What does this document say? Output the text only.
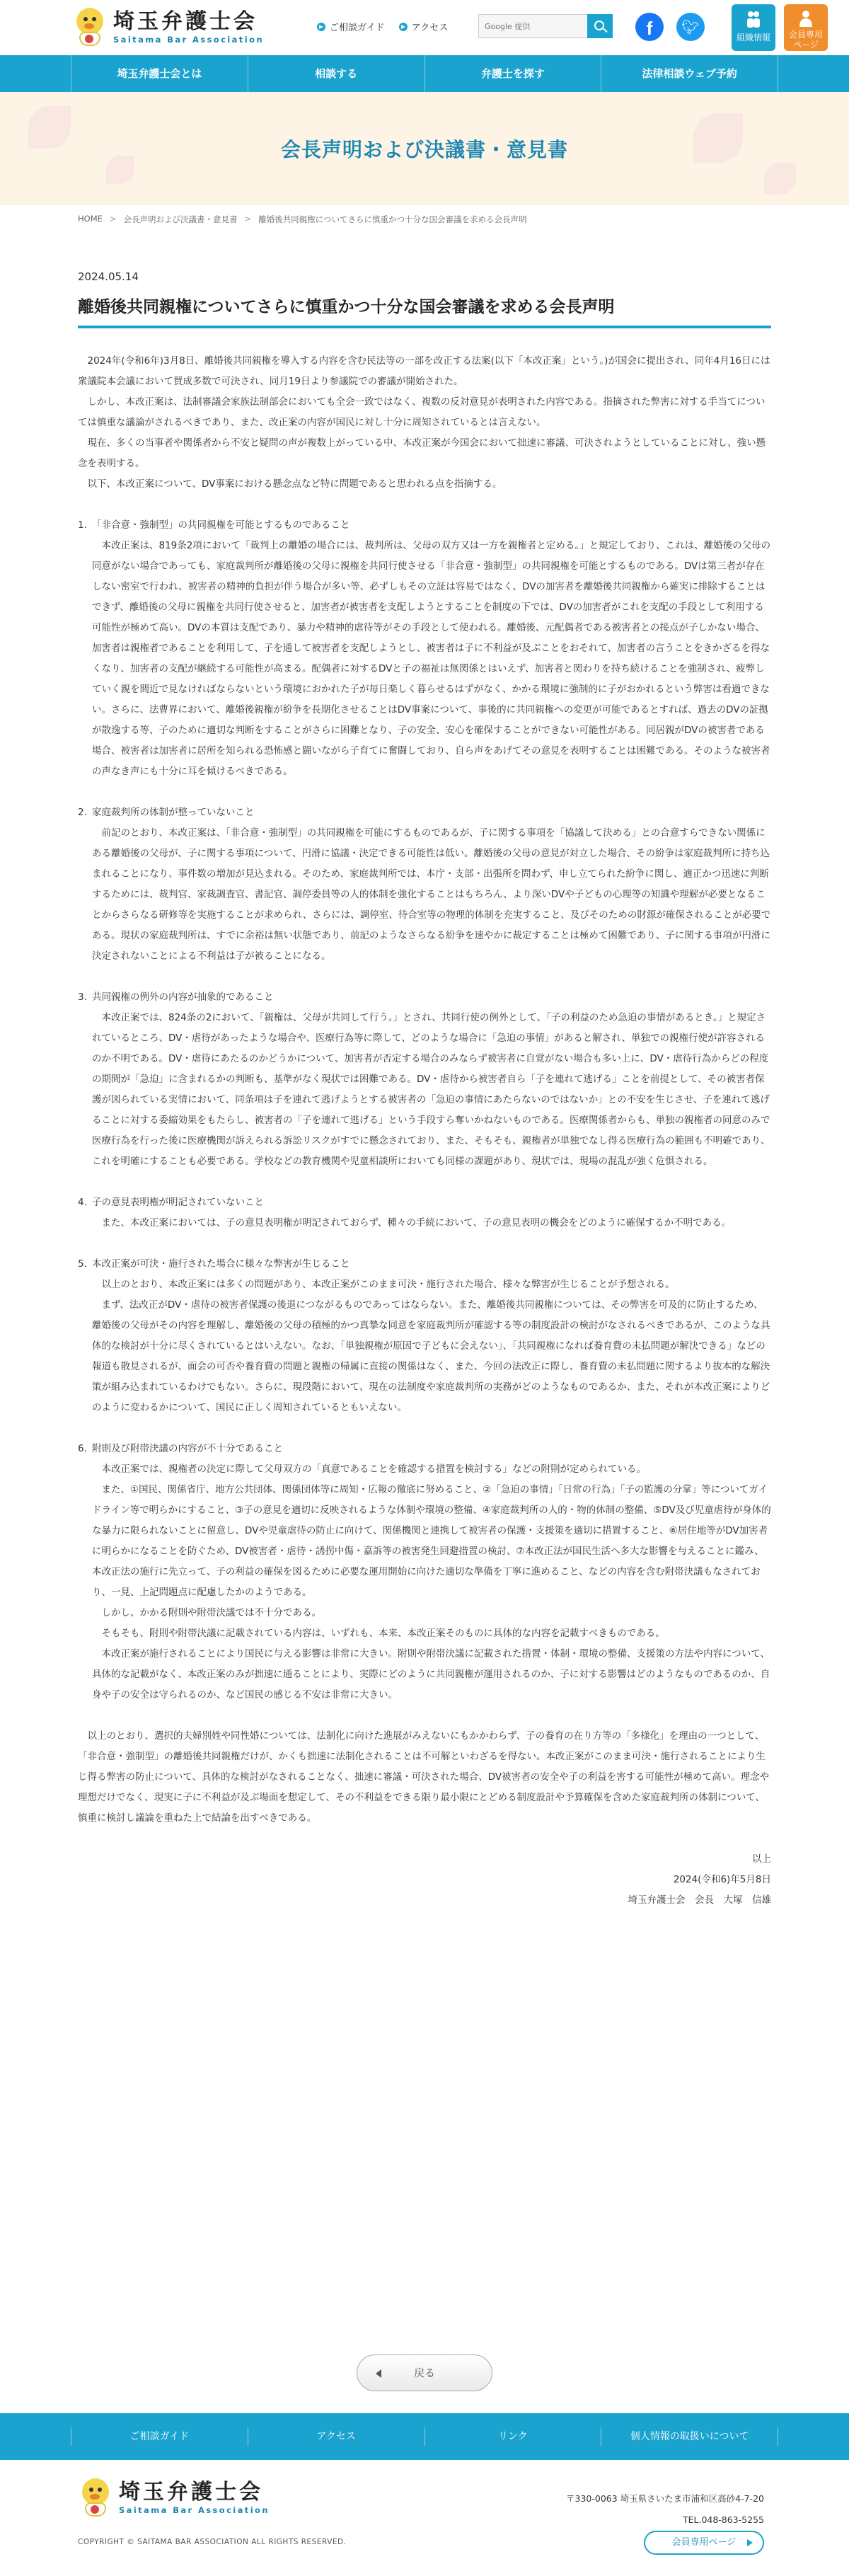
埼玉弁護士会
Saitama Bar Association
ご相談ガイド	アクセス
Google 提供	f	🐦︎
組織情報	会員専用
ページ
埼玉弁護士会とは	相談する	弁護士を探す	法律相談ウェブ予約
会長声明および決議書・意見書
HOME > 会長声明および決議書・意見書 > 離婚後共同親権についてさらに慎重かつ十分な国会審議を求める会長声明
2024.05.14
離婚後共同親権についてさらに慎重かつ十分な国会審議を求める会長声明

2024年(令和6年)3月8日、離婚後共同親権を導入する内容を含む民法等の一部を改正する法案(以下「本改正案」という。)が国会に提出され、同年4月16日には衆議院本会議において賛成多数で可決され、同月19日より参議院での審議が開始された。

しかし、本改正案は、法制審議会家族法制部会においても全会一致ではなく、複数の反対意見が表明された内容である。指摘された弊害に対する手当てについては慎重な議論がされるべきであり、また、改正案の内容が国民に対し十分に周知されているとは言えない。

現在、多くの当事者や関係者から不安と疑問の声が複数上がっている中、本改正案が今国会において拙速に審議、可決されようとしていることに対し、強い懸念を表明する。

以下、本改正案について、DV事案における懸念点など特に問題であると思われる点を指摘する。

1. 「非合意・強制型」の共同親権を可能とするものであること

本改正案は、819条2項において「裁判上の離婚の場合には、裁判所は、父母の双方又は一方を親権者と定める。」と規定しており、これは、離婚後の父母の同意がない場合であっても、家庭裁判所が離婚後の父母に親権を共同行使させる「非合意・強制型」の共同親権を可能とするものである。DVは第三者が存在しない密室で行われ、被害者の精神的負担が伴う場合が多い等、必ずしもその立証は容易ではなく、DVの加害者を離婚後共同親権から確実に排除することはできず、離婚後の父母に親権を共同行使させると、加害者が被害者を支配しようとすることを制度の下では、DVの加害者がこれを支配の手段として利用する可能性が極めて高い。DVの本質は支配であり、暴力や精神的虐待等がその手段として使われる。離婚後、元配偶者である被害者との接点が子しかない場合、加害者は親権者であることを利用して、子を通して被害者を支配しようとし、被害者は子に不利益が及ぶことをおそれて、加害者の言うことをきかざるを得なくなり、加害者の支配が継続する可能性が高まる。配偶者に対するDVと子の福祉は無関係とはいえず、加害者と関わりを持ち続けることを強制され、疲弊していく親を間近で見なければならないという環境におかれた子が毎日楽しく暮らせるはずがなく、かかる環境に強制的に子がおかれるという弊害は看過できない。さらに、法曹界において、離婚後親権が紛争を長期化させることはDV事案について、事後的に共同親権への変更が可能であるとすれば、過去のDVの証拠が散逸する等、子のために適切な判断をすることがさらに困難となり、子の安全、安心を確保することができない可能性がある。同居親がDVの被害者である場合、被害者は加害者に居所を知られる恐怖感と闘いながら子育てに奮闘しており、自ら声をあげてその意見を表明することは困難である。そのような被害者の声なき声にも十分に耳を傾けるべきである。

2. 家庭裁判所の体制が整っていないこと

前記のとおり、本改正案は、「非合意・強制型」の共同親権を可能にするものであるが、子に関する事項を「協議して決める」との合意すらできない関係にある離婚後の父母が、子に関する事項について、円滑に協議・決定できる可能性は低い。離婚後の父母の意見が対立した場合、その紛争は家庭裁判所に持ち込まれることになり、事件数の増加が見込まれる。そのため、家庭裁判所では、本庁・支部・出張所を問わず、申し立てられた紛争に関し、適正かつ迅速に判断するためには、裁判官、家裁調査官、書記官、調停委員等の人的体制を強化することはもちろん、より深いDVや子どもの心理等の知識や理解が必要となることからさらなる研修等を実施することが求められ、さらには、調停室、待合室等の物理的体制を充実すること、及びそのための財源が確保されることが必要である。現状の家庭裁判所は、すでに余裕は無い状態であり、前記のようなさらなる紛争を速やかに裁定することは極めて困難であり、子に関する事項が円滑に決定されないことによる不利益は子が被ることになる。

3. 共同親権の例外の内容が抽象的であること

本改正案では、824条の2において、「親権は、父母が共同して行う。」とされ、共同行使の例外として、「子の利益のため急迫の事情があるとき。」と規定されているところ、DV・虐待があったような場合や、医療行為等に際して、どのような場合に「急迫の事情」があると解され、単独での親権行使が許容されるのか不明である。DV・虐待にあたるのかどうかについて、加害者が否定する場合のみならず被害者に自覚がない場合も多い上に、DV・虐待行為からどの程度の期間が「急迫」に含まれるかの判断も、基準がなく現状では困難である。DV・虐待から被害者自ら「子を連れて逃げる」ことを前提として、その被害者保護が図られている実情において、同条項は子を連れて逃げようとする被害者の「急迫の事情にあたらないのではないか」との不安を生じさせ、子を連れて逃げることに対する委縮効果をもたらし、被害者の「子を連れて逃げる」という手段すら奪いかねないものである。医療関係者からも、単独の親権者の同意のみで医療行為を行った後に医療機関が訴えられる訴訟リスクがすでに懸念されており、また、そもそも、親権者が単独でなし得る医療行為の範囲も不明確であり、これを明確にすることも必要である。学校などの教育機関や児童相談所においても同様の課題があり、現状では、現場の混乱が強く危惧される。

4. 子の意見表明権が明記されていないこと

また、本改正案においては、子の意見表明権が明記されておらず、種々の手続において、子の意見表明の機会をどのように確保するか不明である。

5. 本改正案が可決・施行された場合に様々な弊害が生じること

以上のとおり、本改正案には多くの問題があり、本改正案がこのまま可決・施行された場合、様々な弊害が生じることが予想される。

まず、法改正がDV・虐待の被害者保護の後退につながるものであってはならない。また、離婚後共同親権については、その弊害を可及的に防止するため、離婚後の父母がその内容を理解し、離婚後の父母の積極的かつ真摯な同意を家庭裁判所が確認する等の制度設計の検討がなされるべきであるが、このような具体的な検討が十分に尽くされているとはいえない。なお、「単独親権が原因で子どもに会えない」、「共同親権になれば養育費の未払問題が解決できる」などの報道も散見されるが、面会の可否や養育費の問題と親権の帰属に直接の関係はなく、また、今回の法改正に際し、養育費の未払問題に関するより抜本的な解決策が組み込まれているわけでもない。さらに、現段階において、現在の法制度や家庭裁判所の実務がどのようなものであるか、また、それが本改正案によりどのように変わるかについて、国民に正しく周知されているともいえない。

6. 附則及び附帯決議の内容が不十分であること

本改正案では、親権者の決定に際して父母双方の「真意であることを確認する措置を検討する」などの附則が定められている。

また、①国民、関係省庁、地方公共団体、関係団体等に周知・広報の徹底に努めること、②「急迫の事情」「日常の行為」「子の監護の分掌」等についてガイドライン等で明らかにすること、③子の意見を適切に反映されるような体制や環境の整備、④家庭裁判所の人的・物的体制の整備、⑤DV及び児童虐待が身体的な暴力に限られないことに留意し、DVや児童虐待の防止に向けて、関係機関と連携して被害者の保護・支援策を適切に措置すること、⑥居住地等がDV加害者に明らかになることを防ぐため、DV被害者・虐待・誘拐中傷・嘉訴等の被害発生回避措置の検討、⑦本改正法が国民生活へ多大な影響を与えることに鑑み、本改正法の施行に先立って、子の利益の確保を図るために必要な運用開始に向けた適切な準備を丁寧に進めること、などの内容を含む附帯決議もなされており、一見、上記問題点に配慮したかのようである。

しかし、かかる附則や附帯決議では不十分である。

そもそも、附則や附帯決議に記載されている内容は、いずれも、本来、本改正案そのものに具体的な内容を記載すべきものである。

本改正案が施行されることにより国民に与える影響は非常に大きい。附則や附帯決議に記載された措置・体制・環境の整備、支援策の方法や内容について、具体的な記載がなく、本改正案のみが拙速に通ることにより、実際にどのように共同親権が運用されるのか、子に対する影響はどのようなものであるのか、自身や子の安全は守られるのか、など国民の感じる不安は非常に大きい。

以上のとおり、選択的夫婦別姓や同性婚については、法制化に向けた進展がみえないにもかかわらず、子の養育の在り方等の「多様化」を理由の一つとして、「非合意・強制型」の離婚後共同親権だけが、かくも拙速に法制化されることは不可解といわざるを得ない。本改正案がこのまま可決・施行されることにより生じ得る弊害の防止について、具体的な検討がなされることなく、拙速に審議・可決された場合、DV被害者の安全や子の利益を害する可能性が極めて高い。理念や理想だけでなく、現実に子に不利益が及ぶ場面を想定して、その不利益をできる限り最小限にとどめる制度設計や予算確保を含めた家庭裁判所の体制について、慎重に検討し議論を重ねた上で結論を出すべきである。

以上

2024(令和6)年5月8日

埼玉弁護士会　会長　大塚　信雄

戻る
ご相談ガイド	アクセス	リンク	個人情報の取扱いについて
埼玉弁護士会
Saitama Bar Association
COPYRIGHT © SAITAMA BAR ASSOCIATION ALL RIGHTS RESERVED.
〒330-0063 埼玉県さいたま市浦和区高砂4-7-20
TEL.048-863-5255
会員専用ページ
